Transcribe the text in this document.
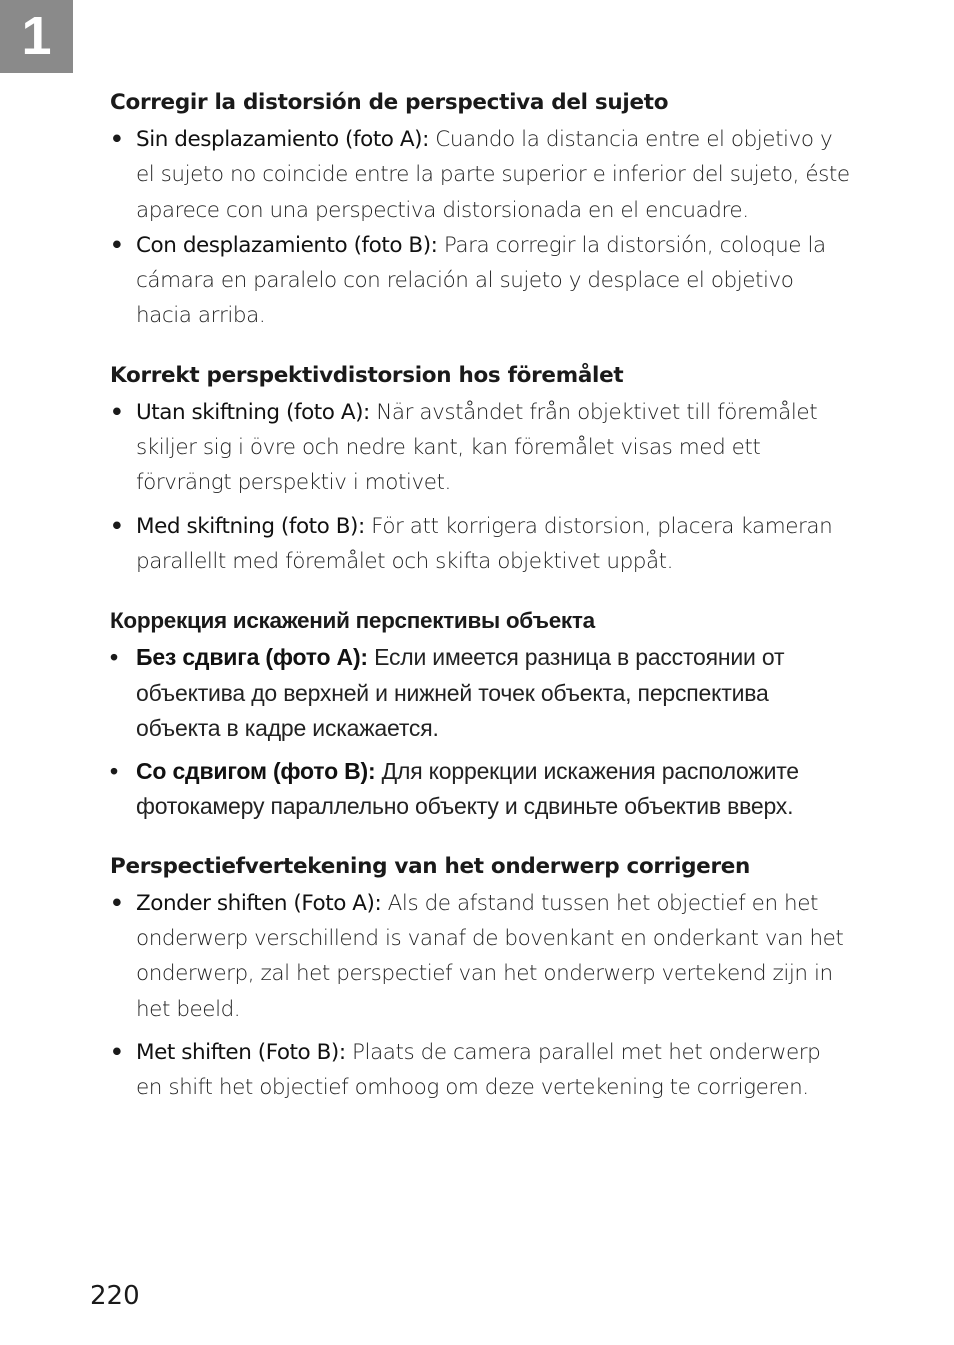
1
Corregir la distorsión de perspectiva del sujeto
• Sin desplazamiento (foto A): Cuando la distancia entre el objetivo y el sujeto no coincide entre la parte superior e inferior del sujeto, éste aparece con una perspectiva distorsionada en el encuadre.
• Con desplazamiento (foto B): Para corregir la distorsión, coloque la cámara en paralelo con relación al sujeto y desplace el objetivo hacia arriba.
Korrekt perspektivdistorsion hos föremålet
• Utan skiftning (foto A): När avståndet från objektivet till föremålet skiljer sig i övre och nedre kant, kan föremålet visas med ett förvrängt perspektiv i motivet.
• Med skiftning (foto B): För att korrigera distorsion, placera kameran parallellt med föremålet och skifta objektivet uppåt.
Коррекция искажений перспективы объекта
• Без сдвига (фото A): Если имеется разница в расстоянии от объектива до верхней и нижней точек объекта, перспектива объекта в кадре искажается.
• Со сдвигом (фото B): Для коррекции искажения расположите фотокамеру параллельно объекту и сдвиньте объектив вверх.
Perspectiefvertekening van het onderwerp corrigeren
• Zonder shiften (Foto A): Als de afstand tussen het objectief en het onderwerp verschillend is vanaf de bovenkant en onderkant van het onderwerp, zal het perspectief van het onderwerp vertekend zijn in het beeld.
• Met shiften (Foto B): Plaats de camera parallel met het onderwerp en shift het objectief omhoog om deze vertekening te corrigeren.
220
